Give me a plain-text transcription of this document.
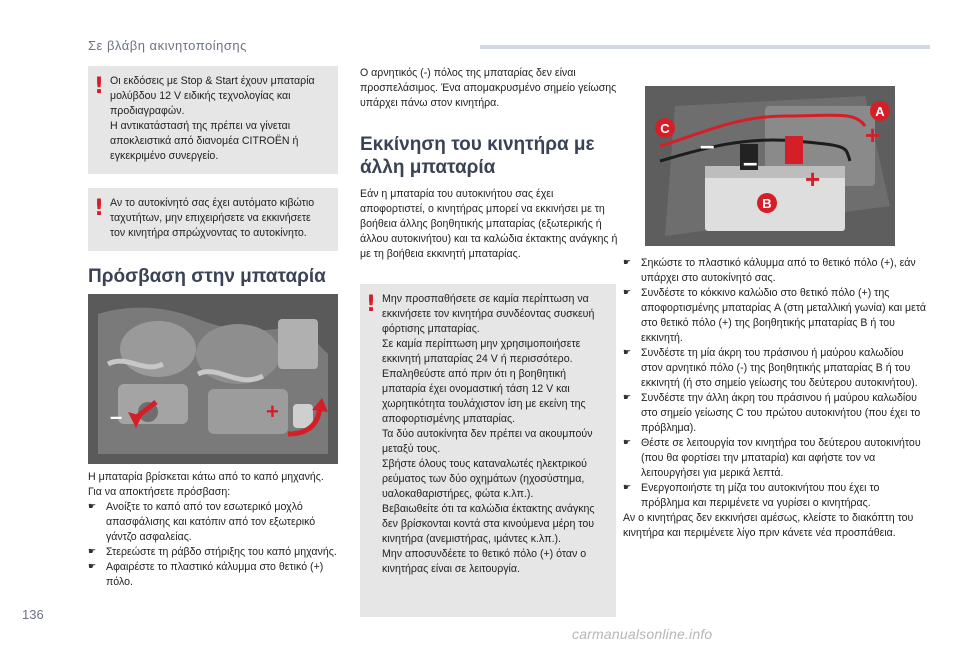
Σε βλάβη ακινητοποίησης
! Οι εκδόσεις με Stop & Start έχουν μπαταρία μολύβδου 12 V ειδικής τεχνολογίας και προδιαγραφών.
Η αντικατάστασή της πρέπει να γίνεται αποκλειστικά από διανομέα CITROËN ή εγκεκριμένο συνεργείο.

! Αν το αυτοκίνητό σας έχει αυτόματο κιβώτιο ταχυτήτων, μην επιχειρήσετε να εκκινήσετε τον κινητήρα σπρώχνοντας το αυτοκίνητο.

Πρόσβαση στην μπαταρία
–	+

Η μπαταρία βρίσκεται κάτω από το καπό μηχανής.
Για να αποκτήσετε πρόσβαση:

☛ Ανοίξτε το καπό από τον εσωτερικό μοχλό απασφάλισης και κατόπιν από τον εξωτερικό γάντζο ασφαλείας.
☛ Στερεώστε τη ράβδο στήριξης του καπό μηχανής.
☛ Αφαιρέστε το πλαστικό κάλυμμα στο θετικό (+) πόλο.

Ο αρνητικός (-) πόλος της μπαταρίας δεν είναι προσπελάσιμος. Ένα απομακρυσμένο σημείο γείωσης υπάρχει πάνω στον κινητήρα.

Εκκίνηση του κινητήρα με άλλη μπαταρία

Εάν η μπαταρία του αυτοκινήτου σας έχει αποφορτιστεί, ο κινητήρας μπορεί να εκκινήσει με τη βοήθεια άλλης βοηθητικής μπαταρίας (εξωτερικής ή άλλου αυτοκινήτου) και τα καλώδια έκτακτης ανάγκης ή με τη βοήθεια εκκινητή μπαταρίας.

! Μην προσπαθήσετε σε καμία περίπτωση να εκκινήσετε τον κινητήρα συνδέοντας συσκευή φόρτισης μπαταρίας.
Σε καμία περίπτωση μην χρησιμοποιήσετε εκκινητή μπαταρίας 24 V ή περισσότερο.
Επαληθεύστε από πριν ότι η βοηθητική μπαταρία έχει ονομαστική τάση 12 V και χωρητικότητα τουλάχιστον ίση με εκείνη της αποφορτισμένης μπαταρίας.
Τα δύο αυτοκίνητα δεν πρέπει να ακουμπούν μεταξύ τους.
Σβήστε όλους τους καταναλωτές ηλεκτρικού ρεύματος των δύο οχημάτων (ηχοσύστημα, υαλοκαθαριστήρες, φώτα κ.λπ.).
Βεβαιωθείτε ότι τα καλώδια έκτακτης ανάγκης δεν βρίσκονται κοντά στα κινούμενα μέρη του κινητήρα (ανεμιστήρας, ιμάντες κ.λπ.).
Μην αποσυνδέετε το θετικό πόλο (+) όταν ο κινητήρας είναι σε λειτουργία.

C
A
B
–
–
+
+
☛ Σηκώστε το πλαστικό κάλυμμα από το θετικό πόλο (+), εάν υπάρχει στο αυτοκίνητό σας.
☛ Συνδέστε το κόκκινο καλώδιο στο θετικό πόλο (+) της αποφορτισμένης μπαταρίας A (στη μεταλλική γωνία) και μετά στο θετικό πόλο (+) της βοηθητικής μπαταρίας B ή του εκκινητή.
☛ Συνδέστε τη μία άκρη του πράσινου ή μαύρου καλωδίου στον αρνητικό πόλο (-) της βοηθητικής μπαταρίας B ή του εκκινητή (ή στο σημείο γείωσης του δεύτερου αυτοκινήτου).
☛ Συνδέστε την άλλη άκρη του πράσινου ή μαύρου καλωδίου στο σημείο γείωσης C του πρώτου αυτοκινήτου (που έχει το πρόβλημα).
☛ Θέστε σε λειτουργία τον κινητήρα του δεύτερου αυτοκινήτου (που θα φορτίσει την μπαταρία) και αφήστε τον να λειτουργήσει για μερικά λεπτά.
☛ Ενεργοποιήστε τη μίζα του αυτοκινήτου που έχει το πρόβλημα και περιμένετε να γυρίσει ο κινητήρας.

Αν ο κινητήρας δεν εκκινήσει αμέσως, κλείστε το διακόπτη του κινητήρα και περιμένετε λίγο πριν κάνετε νέα προσπάθεια.

136
carmanualsonline.info
